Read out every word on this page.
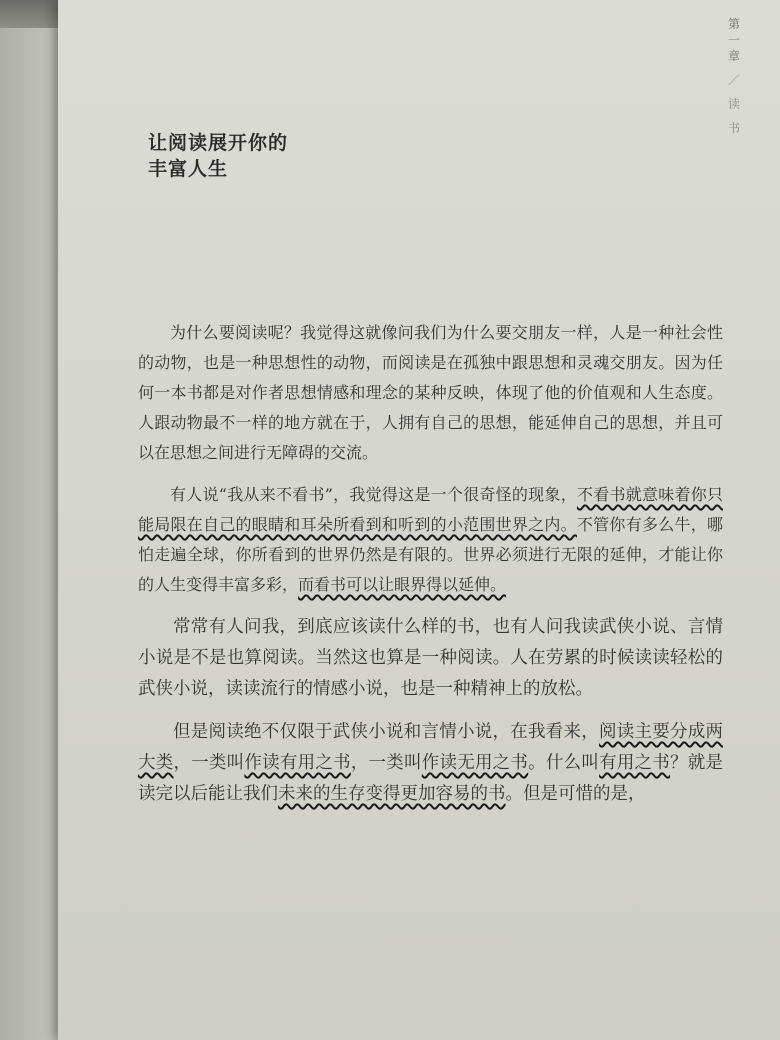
第
一
章
／
读
书
让阅读展开你的
丰富人生

为什么要阅读呢？我觉得这就像问我们为什么要交朋友一样，人是一种社会性的动物，也是一种思想性的动物，而阅读是在孤独中跟思想和灵魂交朋友。因为任何一本书都是对作者思想情感和理念的某种反映，体现了他的价值观和人生态度。人跟动物最不一样的地方就在于，人拥有自己的思想，能延伸自己的思想，并且可以在思想之间进行无障碍的交流。

有人说“我从来不看书”，我觉得这是一个很奇怪的现象，不看书就意味着你只能局限在自己的眼睛和耳朵所看到和听到的小范围世界之内。不管你有多么牛，哪怕走遍全球，你所看到的世界仍然是有限的。世界必须进行无限的延伸，才能让你的人生变得丰富多彩，而看书可以让眼界得以延伸。

常常有人问我，到底应该读什么样的书，也有人问我读武侠小说、言情小说是不是也算阅读。当然这也算是一种阅读。人在劳累的时候读读轻松的武侠小说，读读流行的情感小说，也是一种精神上的放松。

但是阅读绝不仅限于武侠小说和言情小说，在我看来，阅读主要分成两大类，一类叫作读有用之书，一类叫作读无用之书。什么叫有用之书？就是读完以后能让我们未来的生存变得更加容易的书。但是可惜的是，
